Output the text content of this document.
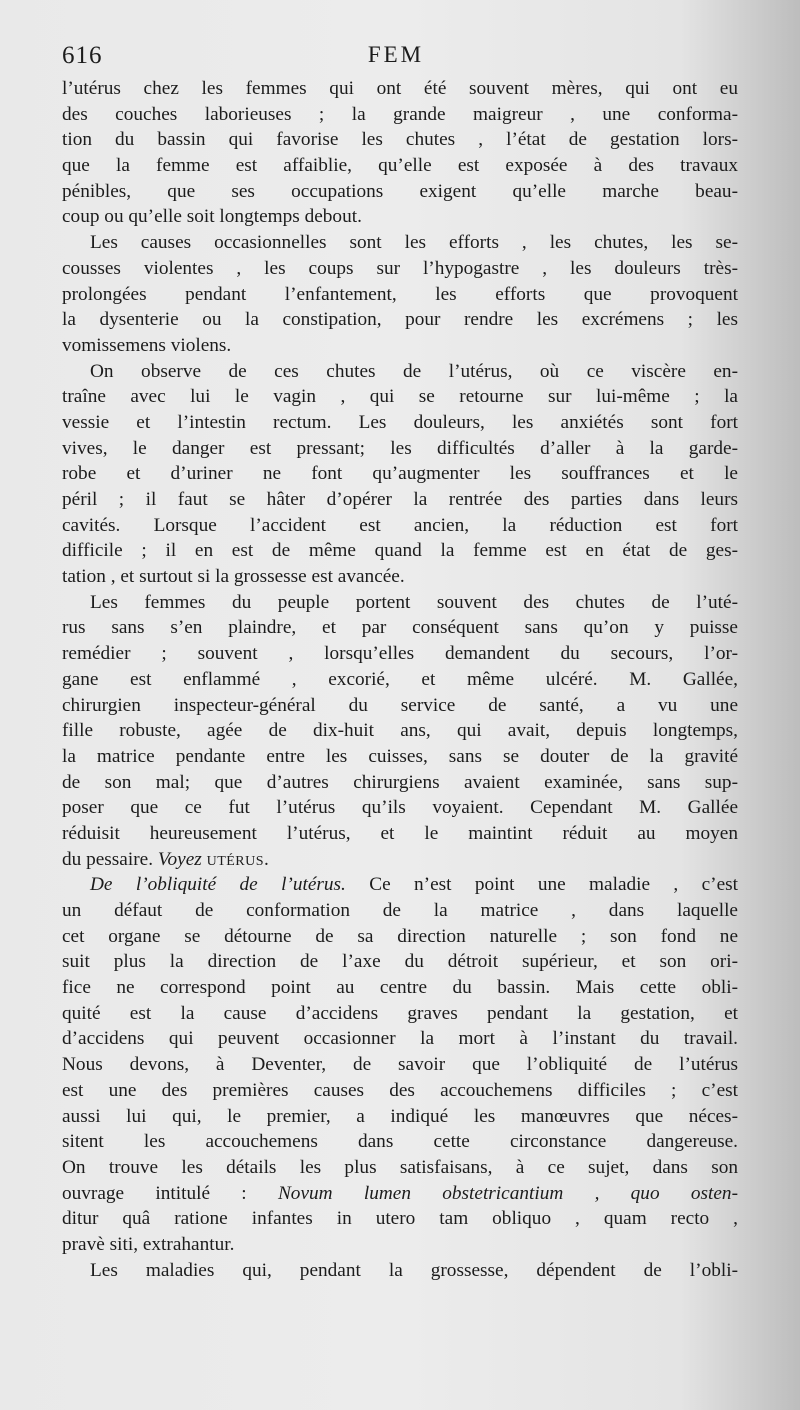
616	FEM
l’utérus chez les femmes qui ont été souvent mères, qui ont eu
des couches laborieuses ; la grande maigreur , une conforma-
tion du bassin qui favorise les chutes , l’état de gestation lors-
que la femme est affaiblie, qu’elle est exposée à des travaux
pénibles, que ses occupations exigent qu’elle marche beau-
coup ou qu’elle soit longtemps debout.
Les causes occasionnelles sont les efforts , les chutes, les se-
cousses violentes , les coups sur l’hypogastre , les douleurs très-
prolongées pendant l’enfantement, les efforts que provoquent
la dysenterie ou la constipation, pour rendre les excrémens ; les
vomissemens violens.
On observe de ces chutes de l’utérus, où ce viscère en-
traîne avec lui le vagin , qui se retourne sur lui-même ; la
vessie et l’intestin rectum. Les douleurs, les anxiétés sont fort
vives, le danger est pressant; les difficultés d’aller à la garde-
robe et d’uriner ne font qu’augmenter les souffrances et le
péril ; il faut se hâter d’opérer la rentrée des parties dans leurs
cavités. Lorsque l’accident est ancien, la réduction est fort
difficile ; il en est de même quand la femme est en état de ges-
tation , et surtout si la grossesse est avancée.
Les femmes du peuple portent souvent des chutes de l’uté-
rus sans s’en plaindre, et par conséquent sans qu’on y puisse
remédier ; souvent , lorsqu’elles demandent du secours, l’or-
gane est enflammé , excorié, et même ulcéré. M. Gallée,
chirurgien inspecteur-général du service de santé, a vu une
fille robuste, agée de dix-huit ans, qui avait, depuis longtemps,
la matrice pendante entre les cuisses, sans se douter de la gravité
de son mal; que d’autres chirurgiens avaient examinée, sans sup-
poser que ce fut l’utérus qu’ils voyaient. Cependant M. Gallée
réduisit heureusement l’utérus, et le maintint réduit au moyen
du pessaire. Voyez utérus.
De l’obliquité de l’utérus. Ce n’est point une maladie , c’est
un défaut de conformation de la matrice , dans laquelle
cet organe se détourne de sa direction naturelle ; son fond ne
suit plus la direction de l’axe du détroit supérieur, et son ori-
fice ne correspond point au centre du bassin. Mais cette obli-
quité est la cause d’accidens graves pendant la gestation, et
d’accidens qui peuvent occasionner la mort à l’instant du travail.
Nous devons, à Deventer, de savoir que l’obliquité de l’utérus
est une des premières causes des accouchemens difficiles ; c’est
aussi lui qui, le premier, a indiqué les manœuvres que néces-
sitent les accouchemens dans cette circonstance dangereuse.
On trouve les détails les plus satisfaisans, à ce sujet, dans son
ouvrage intitulé : Novum lumen obstetricantium , quo osten-
ditur quâ ratione infantes in utero tam obliquo , quam recto ,
pravè siti, extrahantur.
Les maladies qui, pendant la grossesse, dépendent de l’obli-
